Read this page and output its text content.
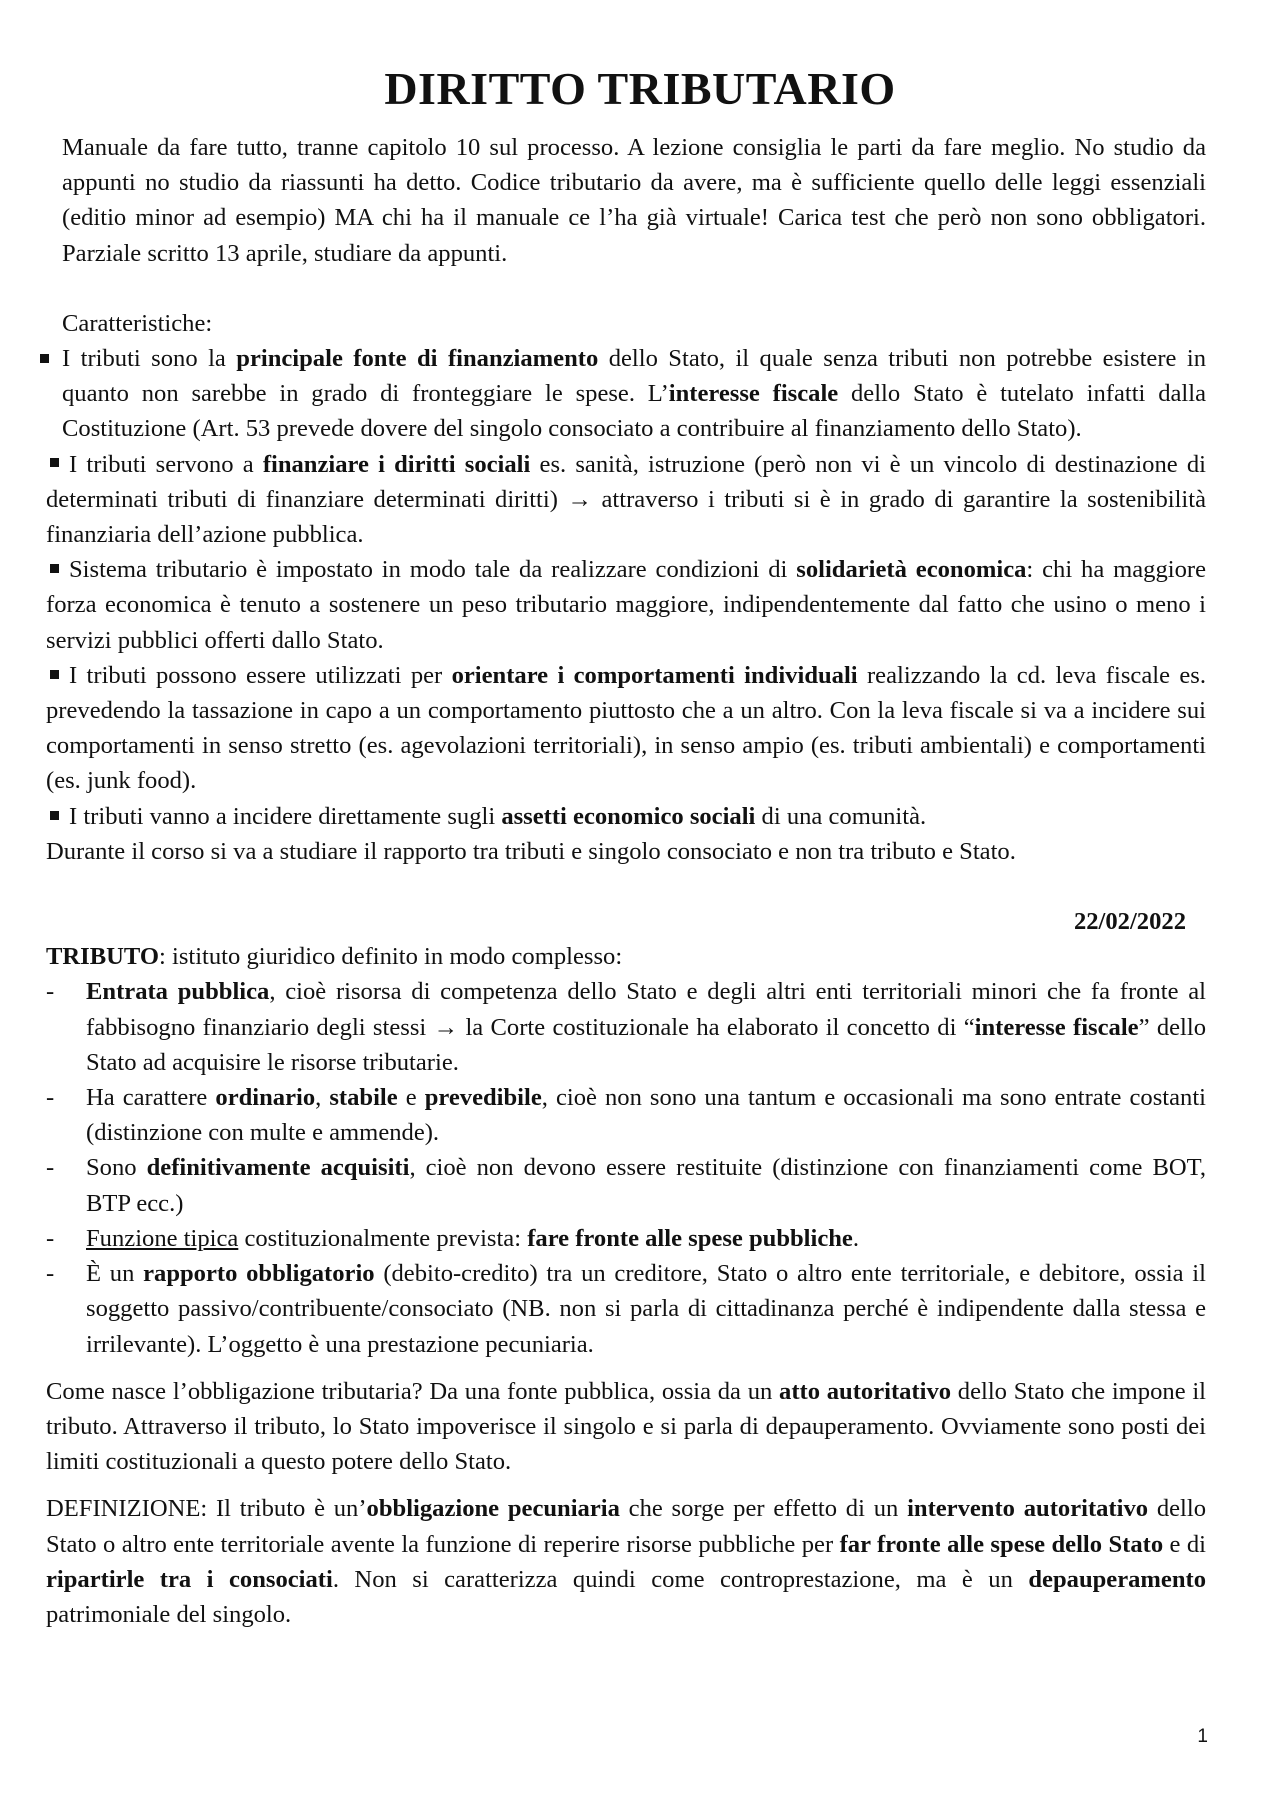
DIRITTO TRIBUTARIO

Manuale da fare tutto, tranne capitolo 10 sul processo. A lezione consiglia le parti da fare meglio. No studio da appunti no studio da riassunti ha detto. Codice tributario da avere, ma è sufficiente quello delle leggi essenziali (editio minor ad esempio) MA chi ha il manuale ce l’ha già virtuale! Carica test che però non sono obbligatori. Parziale scritto 13 aprile, studiare da appunti.

Caratteristiche:

I tributi sono la principale fonte di finanziamento dello Stato, il quale senza tributi non potrebbe esistere in quanto non sarebbe in grado di fronteggiare le spese. L’interesse fiscale dello Stato è tutelato infatti dalla Costituzione (Art. 53 prevede dovere del singolo consociato a contribuire al finanziamento dello Stato).

I tributi servono a finanziare i diritti sociali es. sanità, istruzione (però non vi è un vincolo di destinazione di determinati tributi di finanziare determinati diritti) → attraverso i tributi si è in grado di garantire la sostenibilità finanziaria dell’azione pubblica.

Sistema tributario è impostato in modo tale da realizzare condizioni di solidarietà economica: chi ha maggiore forza economica è tenuto a sostenere un peso tributario maggiore, indipendentemente dal fatto che usino o meno i servizi pubblici offerti dallo Stato.

I tributi possono essere utilizzati per orientare i comportamenti individuali realizzando la cd. leva fiscale es. prevedendo la tassazione in capo a un comportamento piuttosto che a un altro. Con la leva fiscale si va a incidere sui comportamenti in senso stretto (es. agevolazioni territoriali), in senso ampio (es. tributi ambientali) e comportamenti (es. junk food).

I tributi vanno a incidere direttamente sugli assetti economico sociali di una comunità.

Durante il corso si va a studiare il rapporto tra tributi e singolo consociato e non tra tributo e Stato.

22/02/2022

TRIBUTO: istituto giuridico definito in modo complesso:

- Entrata pubblica, cioè risorsa di competenza dello Stato e degli altri enti territoriali minori che fa fronte al fabbisogno finanziario degli stessi → la Corte costituzionale ha elaborato il concetto di “interesse fiscale” dello Stato ad acquisire le risorse tributarie.

- Ha carattere ordinario, stabile e prevedibile, cioè non sono una tantum e occasionali ma sono entrate costanti (distinzione con multe e ammende).

- Sono definitivamente acquisiti, cioè non devono essere restituite (distinzione con finanziamenti come BOT, BTP ecc.)

- Funzione tipica costituzionalmente prevista: fare fronte alle spese pubbliche.

- È un rapporto obbligatorio (debito-credito) tra un creditore, Stato o altro ente territoriale, e debitore, ossia il soggetto passivo/contribuente/consociato (NB. non si parla di cittadinanza perché è indipendente dalla stessa e irrilevante). L’oggetto è una prestazione pecuniaria.

Come nasce l’obbligazione tributaria? Da una fonte pubblica, ossia da un atto autoritativo dello Stato che impone il tributo. Attraverso il tributo, lo Stato impoverisce il singolo e si parla di depauperamento. Ovviamente sono posti dei limiti costituzionali a questo potere dello Stato.

DEFINIZIONE: Il tributo è un’obbligazione pecuniaria che sorge per effetto di un intervento autoritativo dello Stato o altro ente territoriale avente la funzione di reperire risorse pubbliche per far fronte alle spese dello Stato e di ripartirle tra i consociati. Non si caratterizza quindi come controprestazione, ma è un depauperamento patrimoniale del singolo.

1
